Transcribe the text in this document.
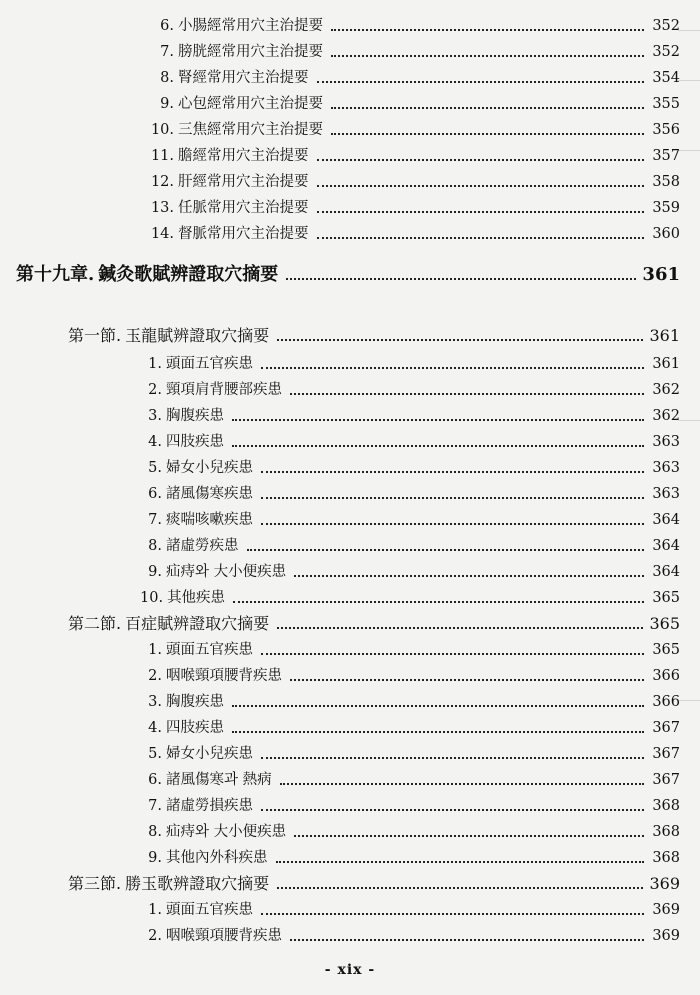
6. 小腸經常用穴主治提要	352
7. 膀胱經常用穴主治提要	352
8. 腎經常用穴主治提要	354
9. 心包經常用穴主治提要	355
10. 三焦經常用穴主治提要	356
11. 膽經常用穴主治提要	357
12. 肝經常用穴主治提要	358
13. 任脈常用穴主治提要	359
14. 督脈常用穴主治提要	360
第十九章. 鍼灸歌賦辨證取穴摘要	361
第一節. 玉龍賦辨證取穴摘要	361
1. 頭面五官疾患	361
2. 頸項肩背腰部疾患	362
3. 胸腹疾患	362
4. 四肢疾患	363
5. 婦女小兒疾患	363
6. 諸風傷寒疾患	363
7. 痰喘咳嗽疾患	364
8. 諸虛勞疾患	364
9. 疝痔와 大小便疾患	364
10. 其他疾患	365
第二節. 百症賦辨證取穴摘要	365
1. 頭面五官疾患	365
2. 咽喉頸項腰背疾患	366
3. 胸腹疾患	366
4. 四肢疾患	367
5. 婦女小兒疾患	367
6. 諸風傷寒과 熱病	367
7. 諸虛勞損疾患	368
8. 疝痔와 大小便疾患	368
9. 其他內外科疾患	368
第三節. 勝玉歌辨證取穴摘要	369
1. 頭面五官疾患	369
2. 咽喉頸項腰背疾患	369
- xix -
